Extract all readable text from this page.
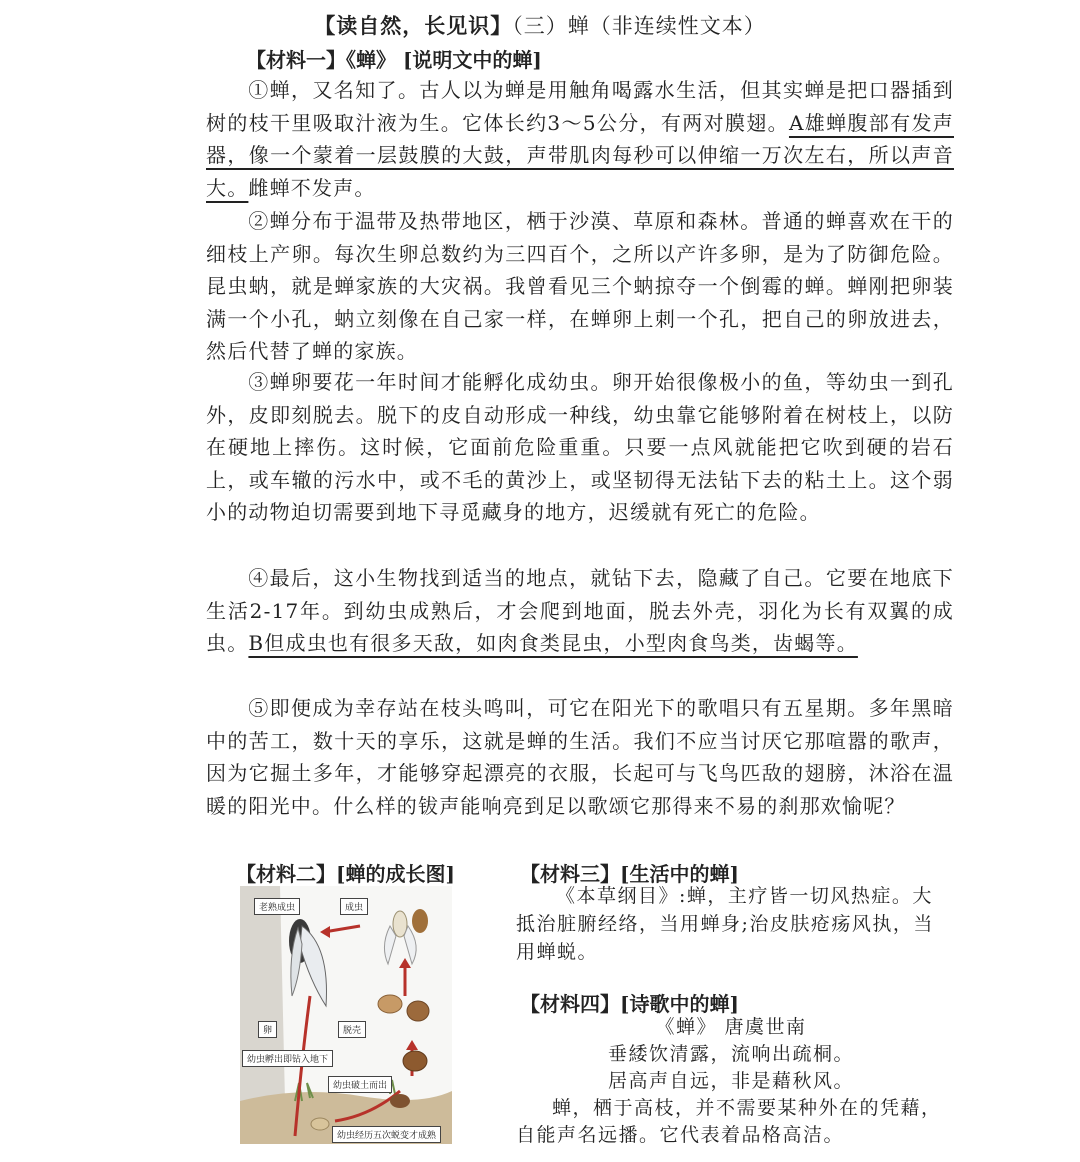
【读自然，长见识】（三）蝉（非连续性文本）
【材料一】《蝉》 [说明文中的蝉]

①蝉，又名知了。古人以为蝉是用触角喝露水生活，但其实蝉是把口器插到树的枝干里吸取汁液为生。它体长约3～5公分，有两对膜翅。A雄蝉腹部有发声器，像一个蒙着一层鼓膜的大鼓，声带肌肉每秒可以伸缩一万次左右，所以声音大。雌蝉不发声。

②蝉分布于温带及热带地区，栖于沙漠、草原和森林。普通的蝉喜欢在干的细枝上产卵。每次生卵总数约为三四百个，之所以产许多卵，是为了防御危险。昆虫蚋，就是蝉家族的大灾祸。我曾看见三个蚋掠夺一个倒霉的蝉。蝉刚把卵装满一个小孔，蚋立刻像在自己家一样，在蝉卵上刺一个孔，把自己的卵放进去，然后代替了蝉的家族。

③蝉卵要花一年时间才能孵化成幼虫。卵开始很像极小的鱼，等幼虫一到孔外，皮即刻脱去。脱下的皮自动形成一种线，幼虫靠它能够附着在树枝上，以防在硬地上摔伤。这时候，它面前危险重重。只要一点风就能把它吹到硬的岩石上，或车辙的污水中，或不毛的黄沙上，或坚韧得无法钻下去的粘土上。这个弱小的动物迫切需要到地下寻觅藏身的地方，迟缓就有死亡的危险。

④最后，这小生物找到适当的地点，就钻下去，隐藏了自己。它要在地底下生活2-17年。到幼虫成熟后，才会爬到地面，脱去外壳，羽化为长有双翼的成虫。B但成虫也有很多天敌，如肉食类昆虫，小型肉食鸟类，齿蝎等。

⑤即便成为幸存站在枝头鸣叫，可它在阳光下的歌唱只有五星期。多年黑暗中的苦工，数十天的享乐，这就是蝉的生活。我们不应当讨厌它那喧嚣的歌声，因为它掘土多年，才能够穿起漂亮的衣服，长起可与飞鸟匹敌的翅膀，沐浴在温暖的阳光中。什么样的钹声能响亮到足以歌颂它那得来不易的刹那欢愉呢？

【材料二】[蝉的成长图]
老熟成虫	成虫
卵	脱壳
幼虫孵出即钻入地下
幼虫破土而出
幼虫经历五次蜕变才成熟
【材料三】[生活中的蝉]

《本草纲目》:蝉，主疗皆一切风热症。大抵治脏腑经络，当用蝉身;治皮肤疮疡风执，当用蝉蜕。

【材料四】[诗歌中的蝉]

《蝉》 唐虞世南

垂緌饮清露，流响出疏桐。

居高声自远，非是藉秋风。

蝉，栖于高枝，并不需要某种外在的凭藉，自能声名远播。它代表着品格高洁。
